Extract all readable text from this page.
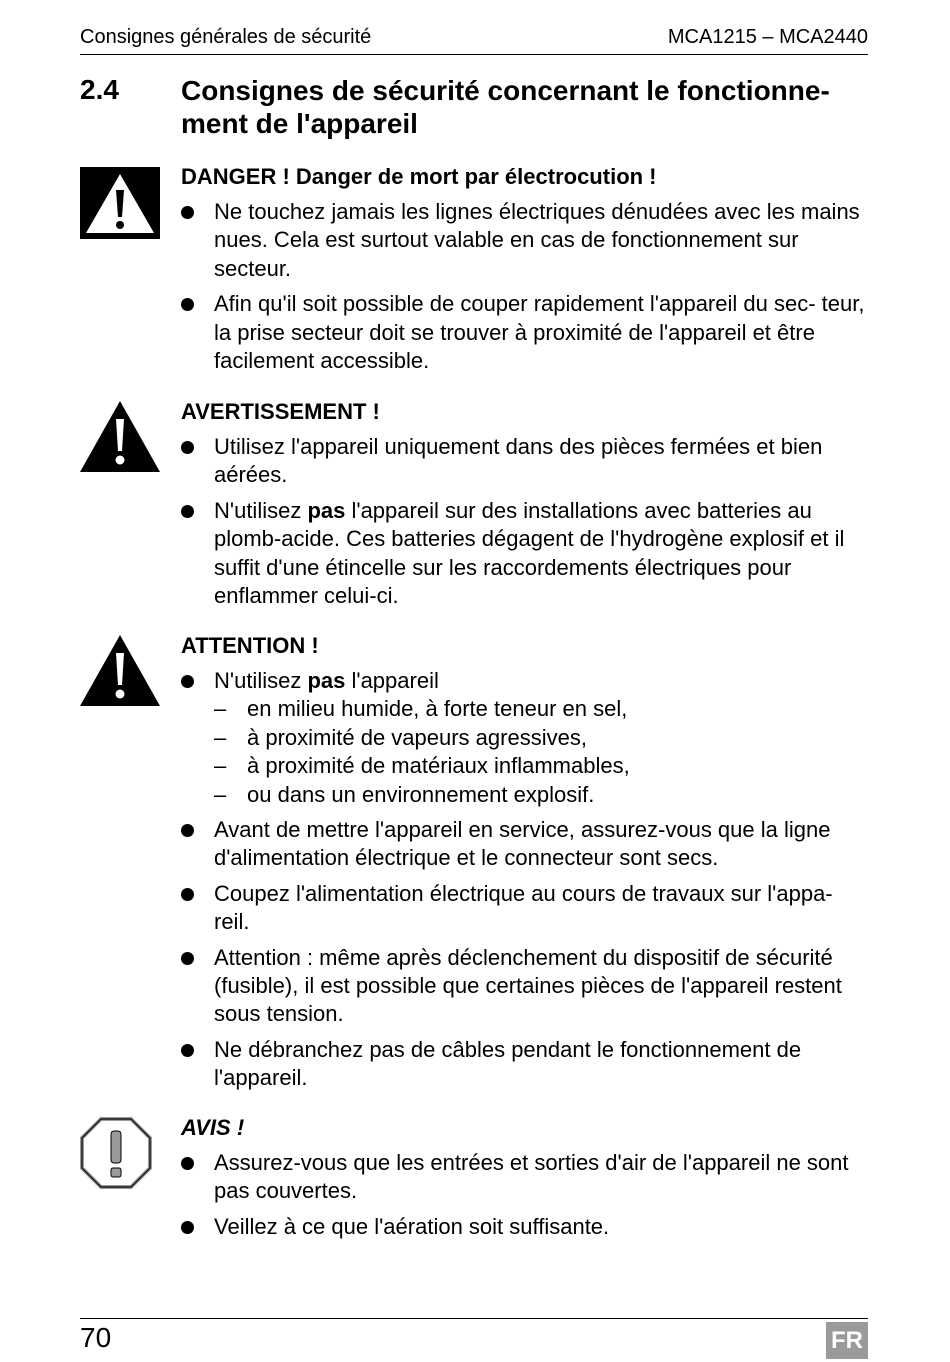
Consignes générales de sécurité	MCA1215 – MCA2440
2.4 Consignes de sécurité concernant le fonctionne- ment de l'appareil
DANGER ! Danger de mort par électrocution !
Ne touchez jamais les lignes électriques dénudées avec les mains nues. Cela est surtout valable en cas de fonctionnement sur secteur.
Afin qu'il soit possible de couper rapidement l'appareil du sec- teur, la prise secteur doit se trouver à proximité de l'appareil et être facilement accessible.
AVERTISSEMENT !
Utilisez l'appareil uniquement dans des pièces fermées et bien aérées.
N'utilisez pas l'appareil sur des installations avec batteries au plomb-acide. Ces batteries dégagent de l'hydrogène explosif et il suffit d'une étincelle sur les raccordements électriques pour enflammer celui-ci.
ATTENTION !
N'utilisez pas l'appareil
– en milieu humide, à forte teneur en sel,
– à proximité de vapeurs agressives,
– à proximité de matériaux inflammables,
– ou dans un environnement explosif.
Avant de mettre l'appareil en service, assurez-vous que la ligne d'alimentation électrique et le connecteur sont secs.
Coupez l'alimentation électrique au cours de travaux sur l'appa- reil.
Attention : même après déclenchement du dispositif de sécurité (fusible), il est possible que certaines pièces de l'appareil restent sous tension.
Ne débranchez pas de câbles pendant le fonctionnement de l'appareil.
AVIS !
Assurez-vous que les entrées et sorties d'air de l'appareil ne sont pas couvertes.
Veillez à ce que l'aération soit suffisante.
70	FR
